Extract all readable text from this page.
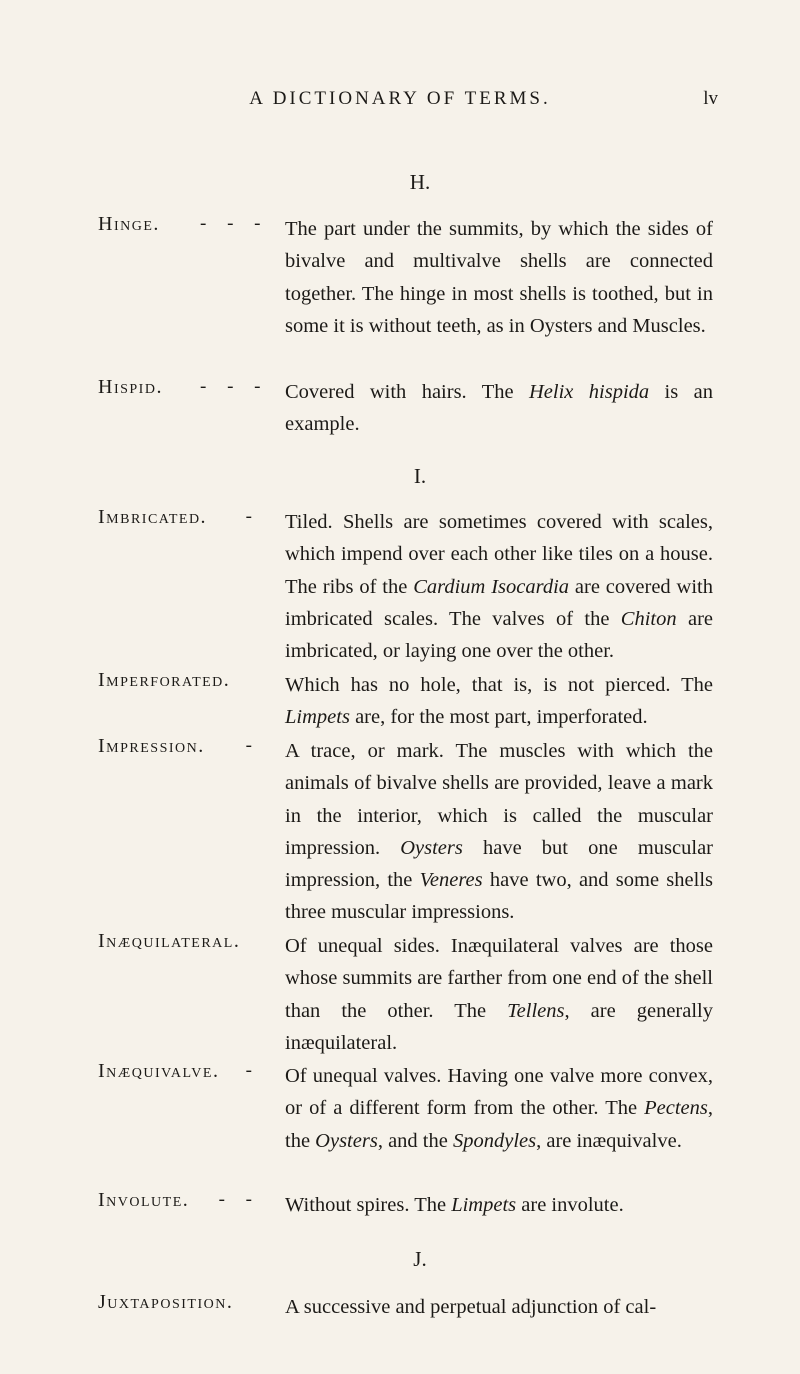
A DICTIONARY OF TERMS.	lv
H.
Hinge.	- - - The part under the summits, by which the sides of bivalve and multivalve shells are connected together. The hinge in most shells is toothed, but in some it is without teeth, as in Oysters and Muscles.
Hispid.	- - - Covered with hairs. The Helix hispida is an example.
I.
Imbricated.	- Tiled. Shells are sometimes covered with scales, which impend over each other like tiles on a house. The ribs of the Cardium Isocardia are covered with imbricated scales. The valves of the Chiton are imbricated, or laying one over the other.
Imperforated.	Which has no hole, that is, is not pierced. The Limpets are, for the most part, imperforated.
Impression.	- A trace, or mark. The muscles with which the animals of bivalve shells are provided, leave a mark in the interior, which is called the muscular impression. Oysters have but one muscular impression, the Veneres have two, and some shells three muscular impressions.
Inæquilateral.	Of unequal sides. Inæquilateral valves are those whose summits are farther from one end of the shell than the other. The Tellens, are generally inæquilateral.
Inæquivalve.	- Of unequal valves. Having one valve more convex, or of a different form from the other. The Pectens, the Oysters, and the Spondyles, are inæquivalve.
Involute.	- - Without spires. The Limpets are involute.
J.
Juxtaposition.	A successive and perpetual adjunction of cal-
